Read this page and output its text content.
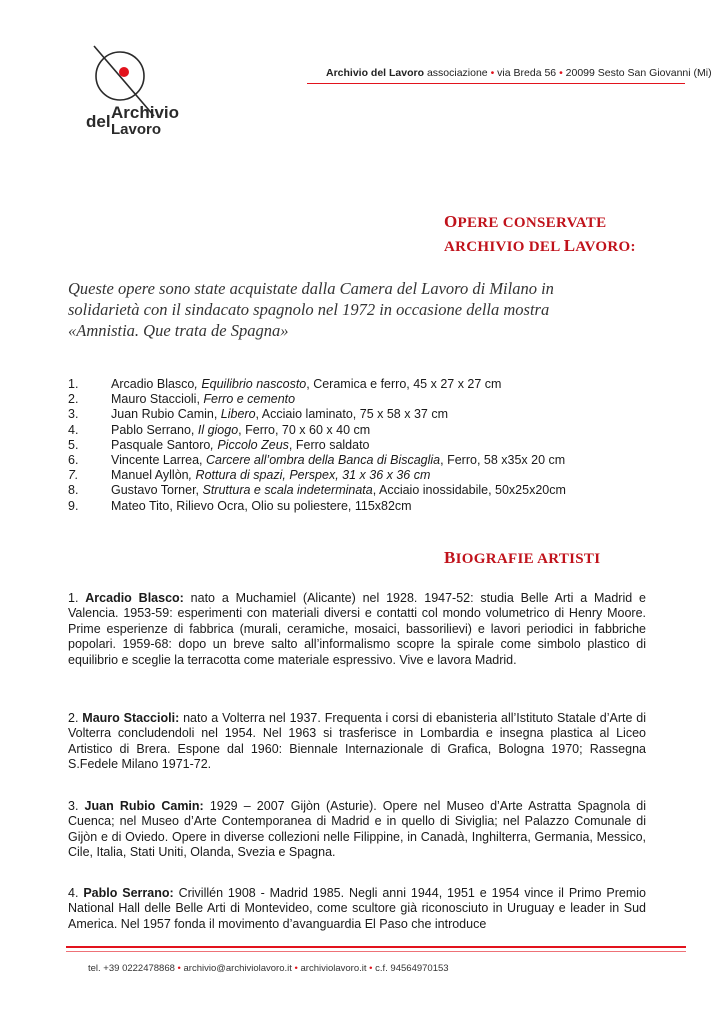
del Archivio
Lavoro
Archivio del Lavoro associazione • via Breda 56 • 20099 Sesto San Giovanni (Mi)
OPERE CONSERVATE
ARCHIVIO DEL LAVORO:

Queste opere sono state acquistate dalla Camera del Lavoro di Milano in solidarietà con il sindacato spagnolo nel 1972 in occasione della mostra «Amnistia. Que trata de Spagna»

1.	Arcadio Blasco, Equilibrio nascosto, Ceramica e ferro, 45 x 27 x 27 cm
2.	Mauro Staccioli, Ferro e cemento
3.	Juan Rubio Camin, Libero, Acciaio laminato, 75 x 58 x 37 cm
4.	Pablo Serrano, Il giogo, Ferro, 70 x 60 x 40 cm
5.	Pasquale Santoro, Piccolo Zeus, Ferro saldato
6.	Vincente Larrea, Carcere all’ombra della Banca di Biscaglia, Ferro, 58 x35x 20 cm
7.	Manuel Ayllòn, Rottura di spazi, Perspex, 31 x 36 x 36 cm
8.	Gustavo Torner, Struttura e scala indeterminata, Acciaio inossidabile, 50x25x20cm
9.	Mateo Tito, Rilievo Ocra, Olio su poliestere, 115x82cm
BIOGRAFIE ARTISTI

1. Arcadio Blasco: nato a Muchamiel (Alicante) nel 1928. 1947-52: studia Belle Arti a Madrid e Valencia. 1953-59: esperimenti con materiali diversi e contatti col mondo volumetrico di Henry Moore. Prime esperienze di fabbrica (murali, ceramiche, mosaici, bassorilievi) e lavori periodici in fabbriche popolari. 1959-68: dopo un breve salto all’informalismo scopre la spirale come simbolo plastico di equilibrio e sceglie la terracotta come materiale espressivo. Vive e lavora Madrid.

2. Mauro Staccioli: nato a Volterra nel 1937. Frequenta i corsi di ebanisteria all’Istituto Statale d’Arte di Volterra concludendoli nel 1954. Nel 1963 si trasferisce in Lombardia e insegna plastica al Liceo Artistico di Brera. Espone dal 1960: Biennale Internazionale di Grafica, Bologna 1970; Rassegna S.Fedele Milano 1971-72.

3. Juan Rubio Camin: 1929 – 2007 Gijòn (Asturie). Opere nel Museo d’Arte Astratta Spagnola di Cuenca; nel Museo d’Arte Contemporanea di Madrid e in quello di Siviglia; nel Palazzo Comunale di Gijòn e di Oviedo. Opere in diverse collezioni nelle Filippine, in Canadà, Inghilterra, Germania, Messico, Cile, Italia, Stati Uniti, Olanda, Svezia e Spagna.

4. Pablo Serrano: Crivillén 1908 - Madrid 1985. Negli anni 1944, 1951 e 1954 vince il Primo Premio National Hall delle Belle Arti di Montevideo, come scultore già riconosciuto in Uruguay e leader in Sud America. Nel 1957 fonda il movimento d’avanguardia El Paso che introduce

tel. +39 0222478868 • archivio@archiviolavoro.it • archiviolavoro.it • c.f. 94564970153
